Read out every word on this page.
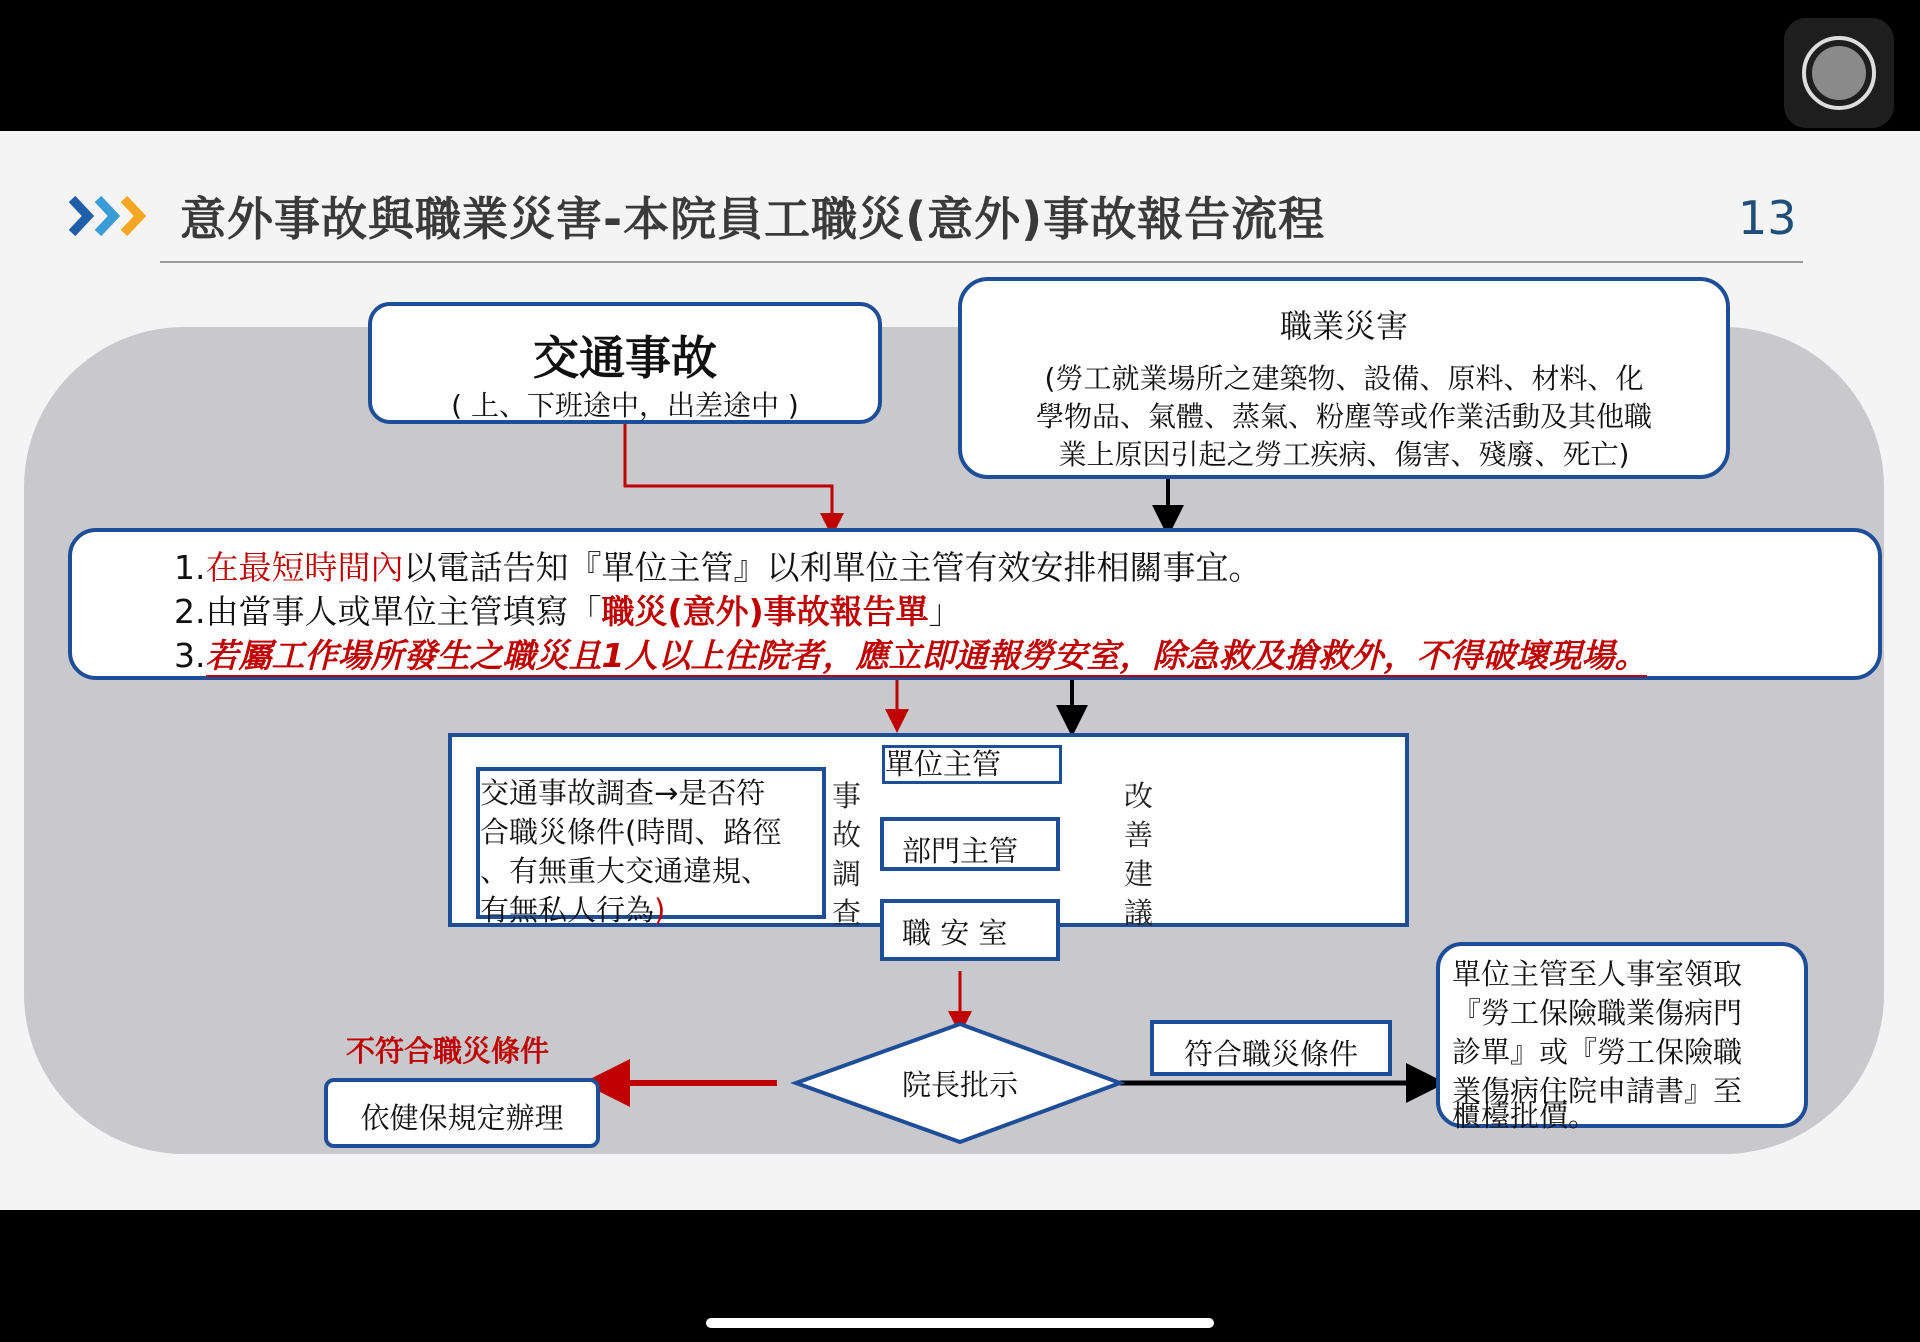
意外事故與職業災害-本院員工職災(意外)事故報告流程	13
交通事故
( 上、下班途中，出差途中 )
職業災害
(勞工就業場所之建築物、設備、原料、材料、化
學物品、氣體、蒸氣、粉塵等或作業活動及其他職
業上原因引起之勞工疾病、傷害、殘廢、死亡)
1.在最短時間內以電話告知『單位主管』以利單位主管有效安排相關事宜。
2.由當事人或單位主管填寫「職災(意外)事故報告單」
3.若屬工作場所發生之職災且1人以上住院者，應立即通報勞安室，除急救及搶救外，不得破壞現場。
交通事故調查→是否符
合職災條件(時間、路徑
、有無重大交通違規、
有無私人行為)
事
故
調
查
單位主管
部門主管
職 安 室
改
善
建
議
院長批示
不符合職災條件
依健保規定辦理
符合職災條件
單位主管至人事室領取
『勞工保險職業傷病門
診單』或『勞工保險職
業傷病住院申請書』至
櫃檯批價。
